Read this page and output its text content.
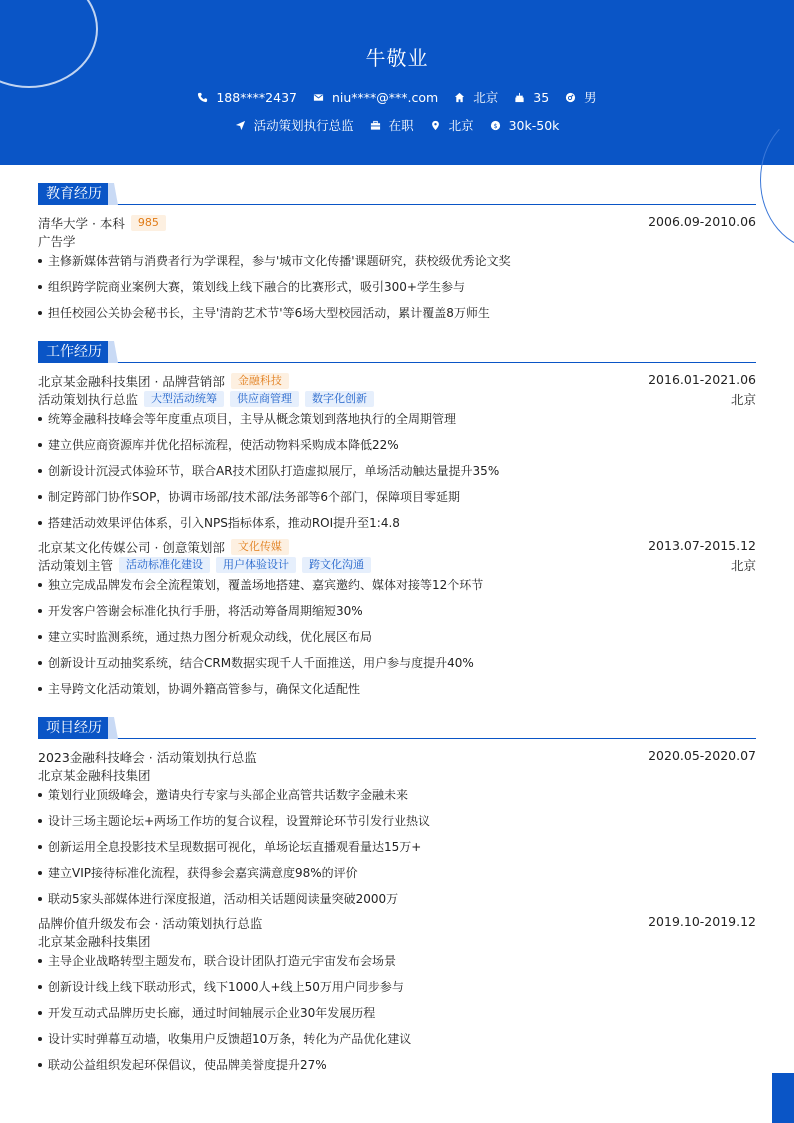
牛敬业
188****2437	niu****@***.com	北京	35	男
活动策划执行总监	在职	北京	$ 30k-50k
教育经历
清华大学 · 本科	985	2006.09-2010.06
广告学
主修新媒体营销与消费者行为学课程，参与'城市文化传播'课题研究，获校级优秀论文奖
组织跨学院商业案例大赛，策划线上线下融合的比赛形式，吸引300+学生参与
担任校园公关协会秘书长，主导'清韵艺术节'等6场大型校园活动，累计覆盖8万师生
工作经历
北京某金融科技集团 · 品牌营销部	金融科技	2016.01-2021.06
活动策划执行总监	大型活动统筹	供应商管理	数字化创新	北京
统筹金融科技峰会等年度重点项目，主导从概念策划到落地执行的全周期管理
建立供应商资源库并优化招标流程，使活动物料采购成本降低22%
创新设计沉浸式体验环节，联合AR技术团队打造虚拟展厅，单场活动触达量提升35%
制定跨部门协作SOP，协调市场部/技术部/法务部等6个部门，保障项目零延期
搭建活动效果评估体系，引入NPS指标体系，推动ROI提升至1:4.8
北京某文化传媒公司 · 创意策划部	文化传媒	2013.07-2015.12
活动策划主管	活动标准化建设	用户体验设计	跨文化沟通	北京
独立完成品牌发布会全流程策划，覆盖场地搭建、嘉宾邀约、媒体对接等12个环节
开发客户答谢会标准化执行手册，将活动筹备周期缩短30%
建立实时监测系统，通过热力图分析观众动线，优化展区布局
创新设计互动抽奖系统，结合CRM数据实现千人千面推送，用户参与度提升40%
主导跨文化活动策划，协调外籍高管参与，确保文化适配性
项目经历
2023金融科技峰会 · 活动策划执行总监	2020.05-2020.07
北京某金融科技集团
策划行业顶级峰会，邀请央行专家与头部企业高管共话数字金融未来
设计三场主题论坛+两场工作坊的复合议程，设置辩论环节引发行业热议
创新运用全息投影技术呈现数据可视化，单场论坛直播观看量达15万+
建立VIP接待标准化流程，获得参会嘉宾满意度98%的评价
联动5家头部媒体进行深度报道，活动相关话题阅读量突破2000万
品牌价值升级发布会 · 活动策划执行总监	2019.10-2019.12
北京某金融科技集团
主导企业战略转型主题发布，联合设计团队打造元宇宙发布会场景
创新设计线上线下联动形式，线下1000人+线上50万用户同步参与
开发互动式品牌历史长廊，通过时间轴展示企业30年发展历程
设计实时弹幕互动墙，收集用户反馈超10万条，转化为产品优化建议
联动公益组织发起环保倡议，使品牌美誉度提升27%
